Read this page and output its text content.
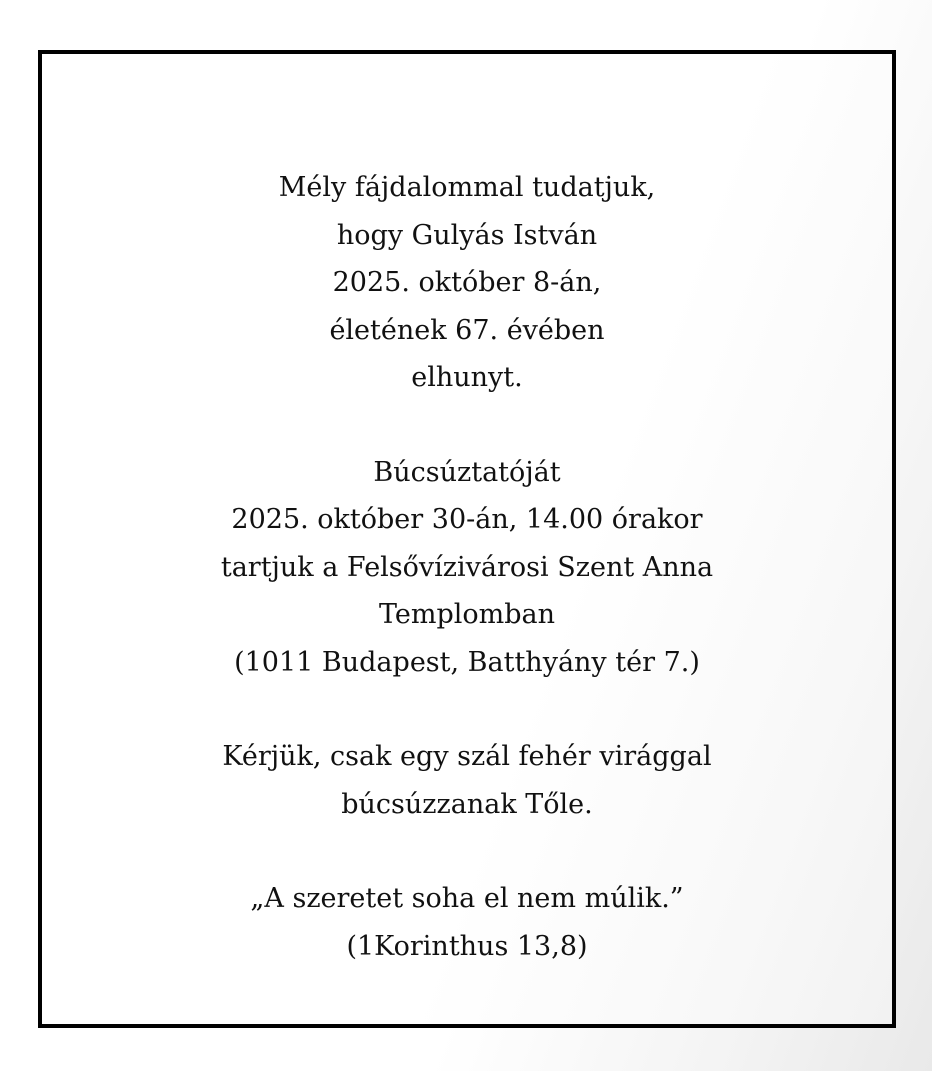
Mély fájdalommal tudatjuk,
hogy Gulyás István
2025. október 8-án,
életének 67. évében
elhunyt.

Búcsúztatóját
2025. október 30-án, 14.00 órakor
tartjuk a Felsővízivárosi Szent Anna
Templomban
(1011 Budapest, Batthyány tér 7.)

Kérjük, csak egy szál fehér virággal
búcsúzzanak Tőle.

„A szeretet soha el nem múlik.”
(1Korinthus 13,8)
